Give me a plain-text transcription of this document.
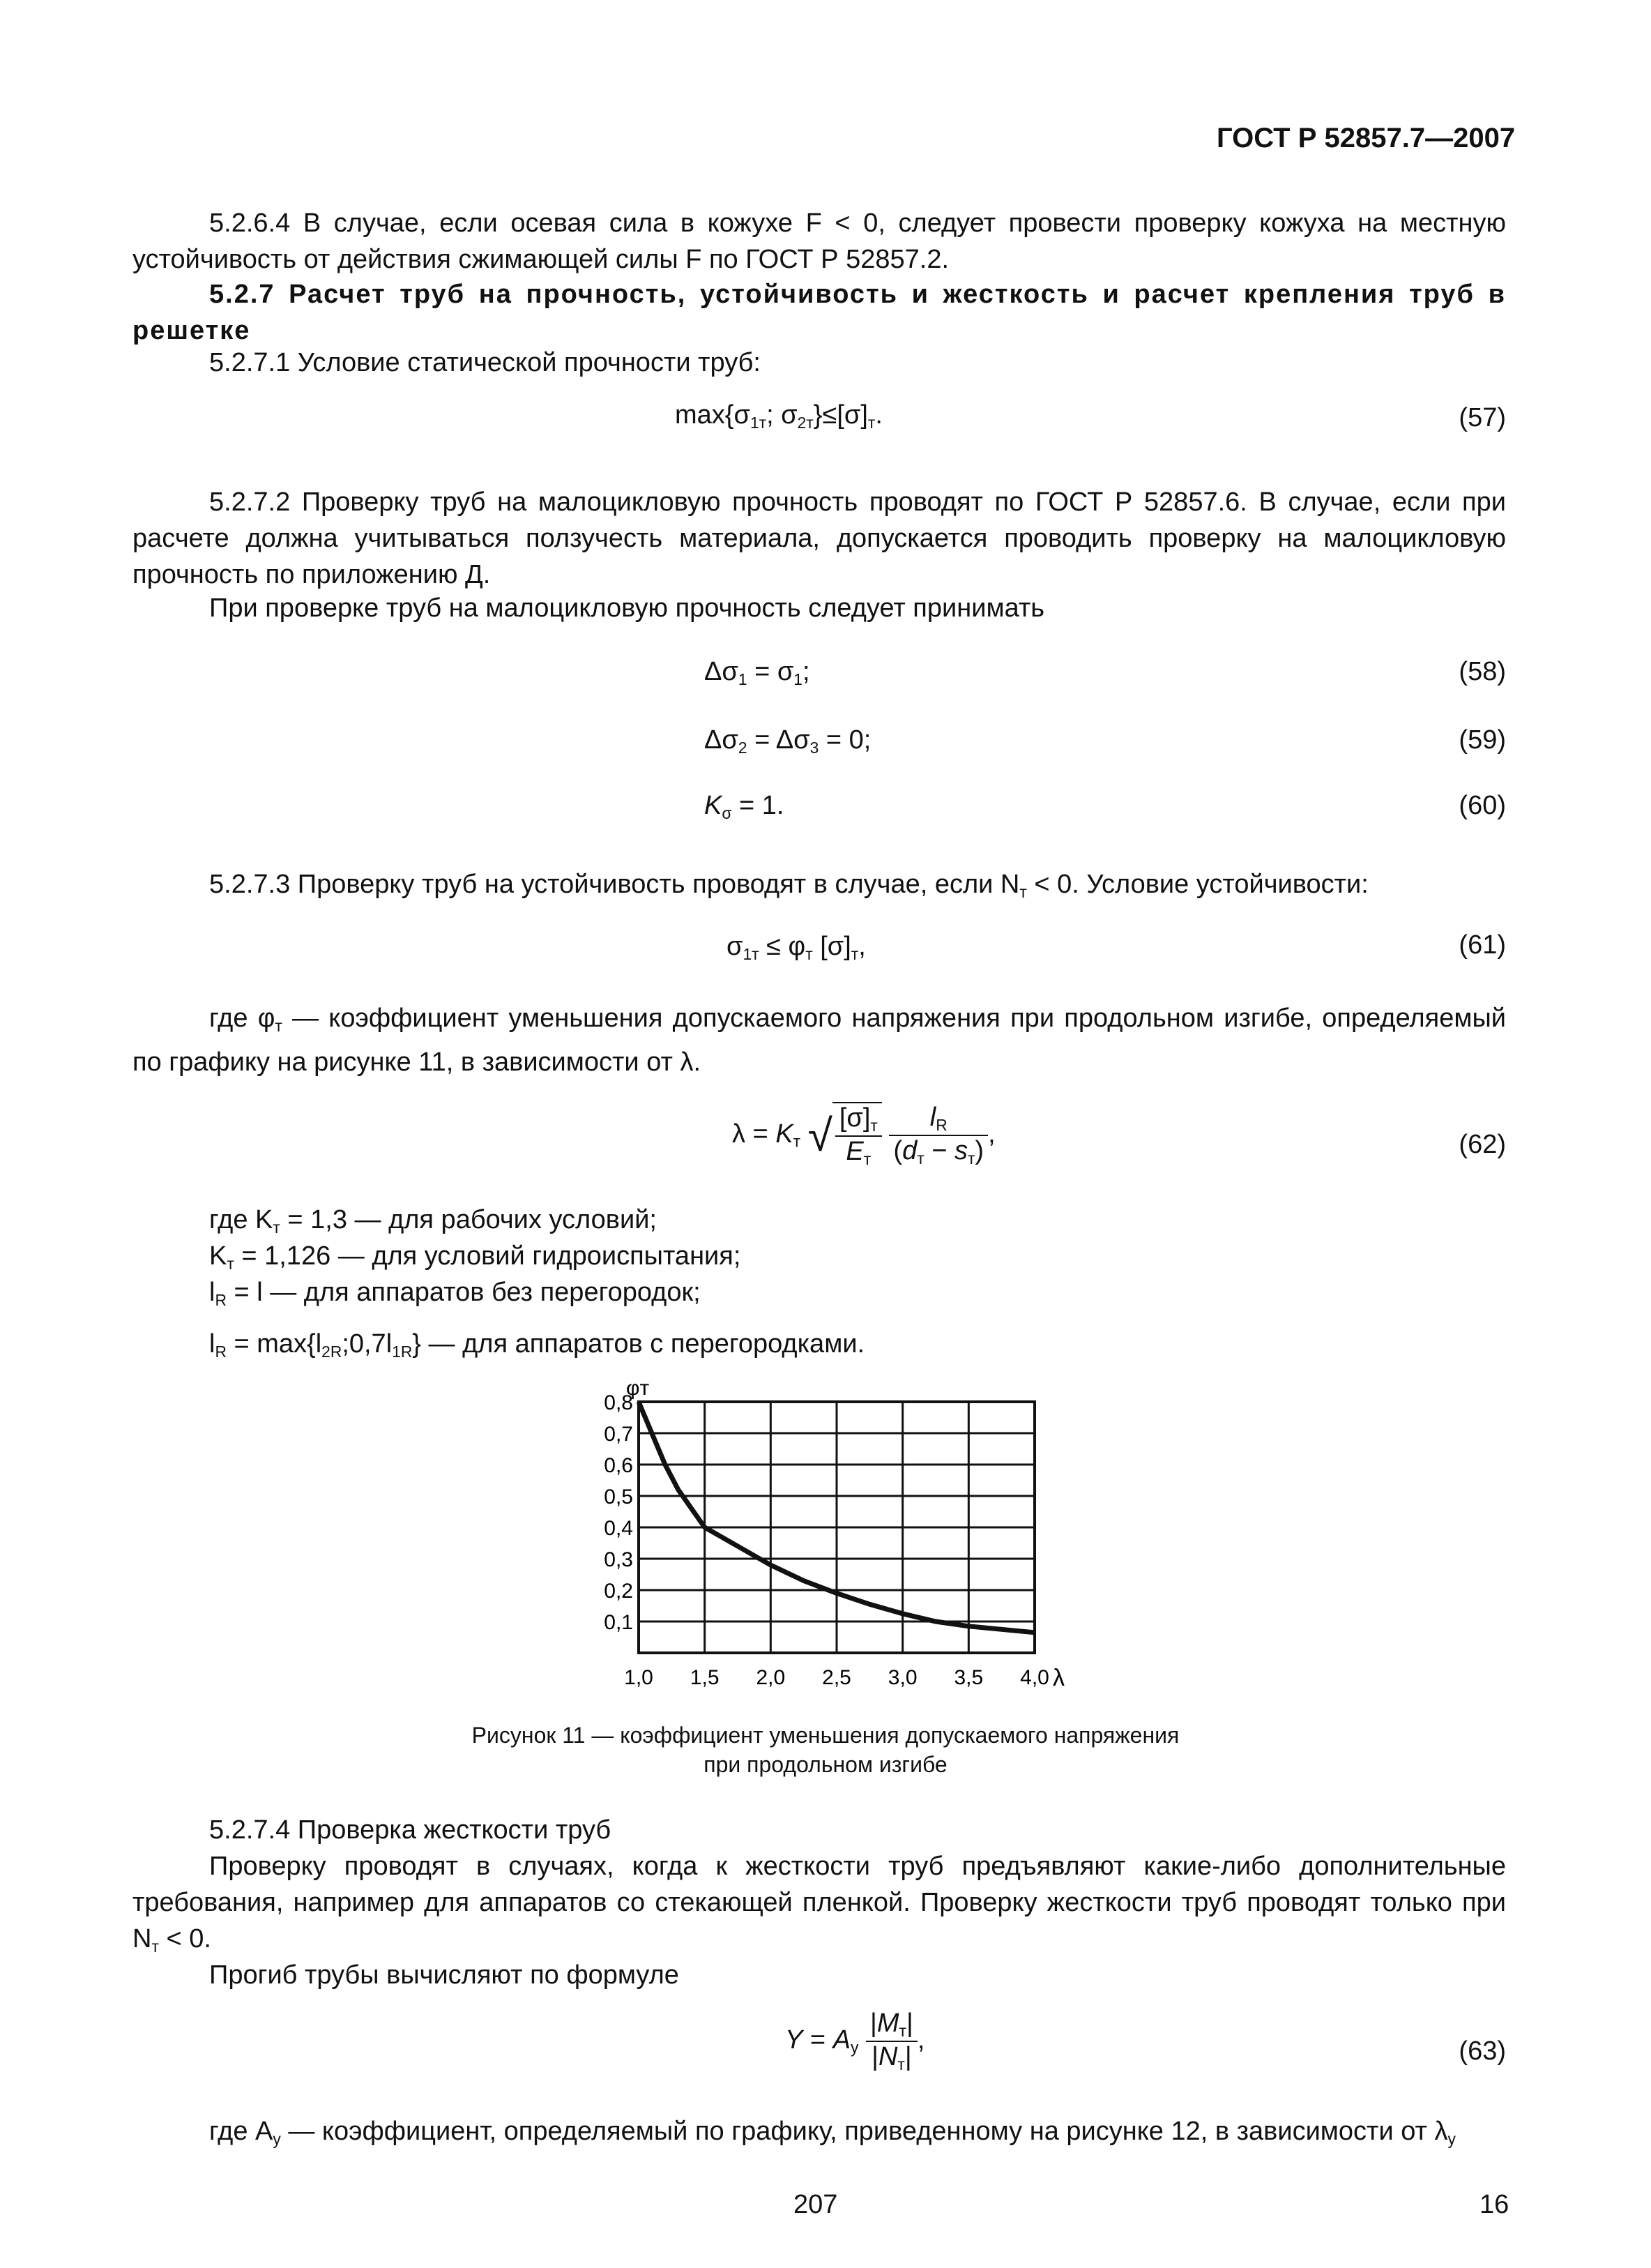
ГОСТ Р 52857.7—2007
5.2.6.4 В случае, если осевая сила в кожухе F < 0, следует провести проверку кожуха на местную устойчивость от действия сжимающей силы F по ГОСТ Р 52857.2.
5.2.7 Расчет труб на прочность, устойчивость и жесткость и расчет крепления труб в решетке
5.2.7.1 Условие статической прочности труб:
$\max\{\sigma_{1т}$; $\sigma_{2т}\}\le[\sigma]_т$.	(57)
5.2.7.2 Проверку труб на малоцикловую прочность проводят по ГОСТ Р 52857.6. В случае, если при расчете должна учитываться ползучесть материала, допускается проводить проверку на малоцикловую прочность по приложению Д.
При проверке труб на малоцикловую прочность следует принимать
$\Delta\sigma_1 = \sigma_1$;	(58)
$\Delta\sigma_2 = \Delta\sigma_3 = 0$;	(59)
$K_\sigma = 1$.	(60)
5.2.7.3 Проверку труб на устойчивость проводят в случае, если $N_т < 0$. Условие устойчивости:
$\sigma_{1т} \le \varphi_т$ $[\sigma]_т$,	(61)
где $\varphi_т$ — коэффициент уменьшения допускаемого напряжения при продольном изгибе, определяемый по графику на рисунке 11, в зависимости от λ.
$\lambda = K_т$ √ $\frac{[\sigma]_т}{E_т}$
$\frac{l_R}{(d_т - s_т)}$ ,	(62)
где $K_т = 1,3$ — для рабочих условий;
$K_т = 1,126$ — для условий гидроиспытания;
$l_R = l$ — для аппаратов без перегородок;
$l_R$ = $\max\{l_{2R};0,7l_{1R}\}$ — для аппаратов с перегородками.
1,0 1,5 2,0 2,5 3,0 3,5 4,0
0,8
0,7
0,6
0,5
0,4
0,3
0,2
0,1
φт
λ
Рисунок 11 — коэффициент уменьшения допускаемого напряжения
при продольном изгибе
5.2.7.4 Проверка жесткости труб
Проверку проводят в случаях, когда к жесткости труб предъявляют какие-либо дополнительные требования, например для аппаратов со стекающей пленкой. Проверку жесткости труб проводят только при $N_т < 0$.
Прогиб трубы вычисляют по формуле
$Y = A_y \frac{|M_т|}{|N_т|}$ ,	(63)
где $A_y$ — коэффициент, определяемый по графику, приведенному на рисунке 12, в зависимости от $\lambda_y$
207	16
